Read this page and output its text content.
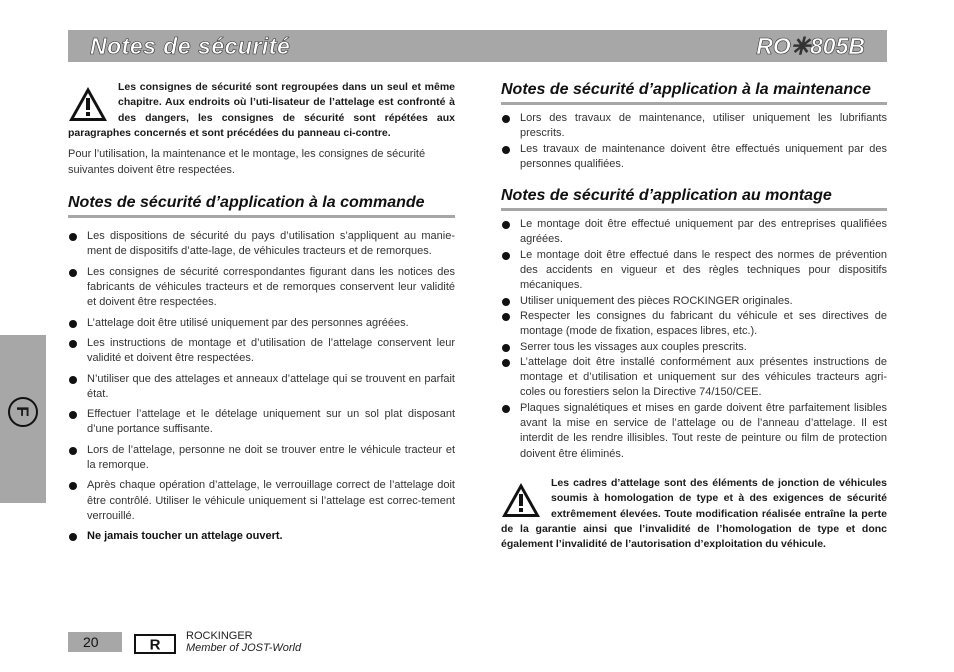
Notes de sécurité	RO✳805B
F
Les consignes de sécurité sont regroupées dans un seul et même chapitre. Aux endroits où l’uti-lisateur de l’attelage est confronté à des dangers, les consignes de sécurité sont répétées aux paragraphes concernés et sont précédées du panneau ci-contre.

Pour l’utilisation, la maintenance et le montage, les consignes de sécurité suivantes doivent être respectées.

Notes de sécurité d’application à la commande
Les dispositions de sécurité du pays d’utilisation s’appliquent au manie-ment de dispositifs d’atte-lage, de véhicules tracteurs et de remorques.
Les consignes de sécurité correspondantes figurant dans les notices des fabricants de véhicules tracteurs et de remorques conservent leur validité et doivent être respectées.
L’attelage doit être utilisé uniquement par des personnes agréées.
Les instructions de montage et d’utilisation de l’attelage conservent leur validité et doivent être respectées.
N’utiliser que des attelages et anneaux d’attelage qui se trouvent en parfait état.
Effectuer l’attelage et le dételage uniquement sur un sol plat disposant d’une portance suffisante.
Lors de l’attelage, personne ne doit se trouver entre le véhicule tracteur et la remorque.
Après chaque opération d’attelage, le verrouillage correct de l’attelage doit être contrôlé. Utiliser le véhicule uniquement si l’attelage est correc-tement verrouillé.
Ne jamais toucher un attelage ouvert.
Notes de sécurité d’application à la maintenance
Lors des travaux de maintenance, utiliser uniquement les lubrifiants prescrits.
Les travaux de maintenance doivent être effectués uniquement par des personnes qualifiées.
Notes de sécurité d’application au montage
Le montage doit être effectué uniquement par des entreprises qualifiées agréées.
Le montage doit être effectué dans le respect des normes de prévention des accidents en vigueur et des règles techniques pour dispositifs mécaniques.
Utiliser uniquement des pièces ROCKINGER originales.
Respecter les consignes du fabricant du véhicule et ses directives de montage (mode de fixation, espaces libres, etc.).
Serrer tous les vissages aux couples prescrits.
L’attelage doit être installé conformément aux présentes instructions de montage et d’utilisation et uniquement sur des véhicules tracteurs agri-coles ou forestiers selon la Directive 74/150/CEE.
Plaques signalétiques et mises en garde doivent être parfaitement lisibles avant la mise en service de l’attelage ou de l’anneau d’attelage. Il est interdit de les rendre illisibles. Tout reste de peinture ou film de protection doivent être éliminés.
Les cadres d’attelage sont des éléments de jonction de véhicules soumis à homologation de type et à des exigences de sécurité extrêmement élevées. Toute modification réalisée entraîne la perte de la garantie ainsi que l’invalidité de l’homologation de type et donc également l’invalidité de l’autorisation d’exploitation du véhicule.
20	R
ROCKINGER
Member of JOST-World
